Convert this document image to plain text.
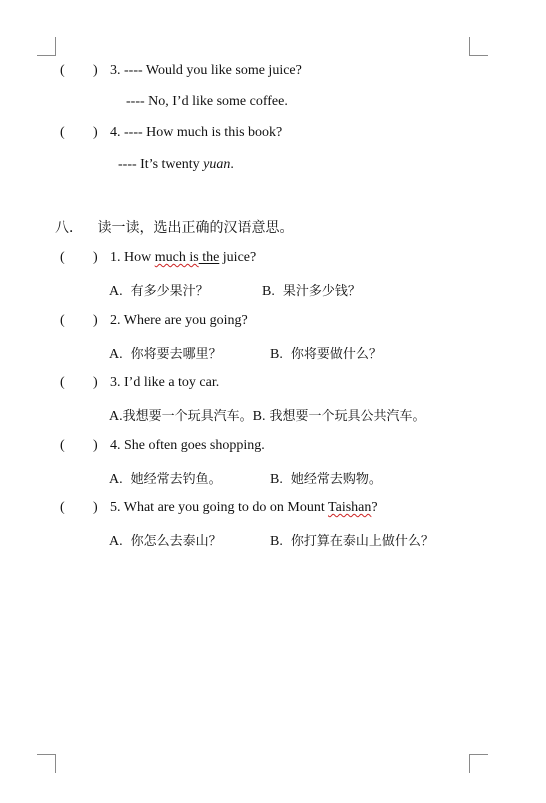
( ) 3. ---- Would you like some juice?
---- No, I’d like some coffee.
( ) 4. ---- How much is this book?
---- It’s twenty yuan.
八． 读一读，选出正确的汉语意思。
( ) 1. How much is the juice?
A. 有多少果汁？	B. 果汁多少钱？
( ) 2. Where are you going?
A. 你将要去哪里？	B. 你将要做什么？
( ) 3. I’d like a toy car.
A.我想要一个玩具汽车。B. 我想要一个玩具公共汽车。
( ) 4. She often goes shopping.
A. 她经常去钓鱼。	B. 她经常去购物。
( ) 5. What are you going to do on Mount Taishan?
A. 你怎么去泰山？	B. 你打算在泰山上做什么？
